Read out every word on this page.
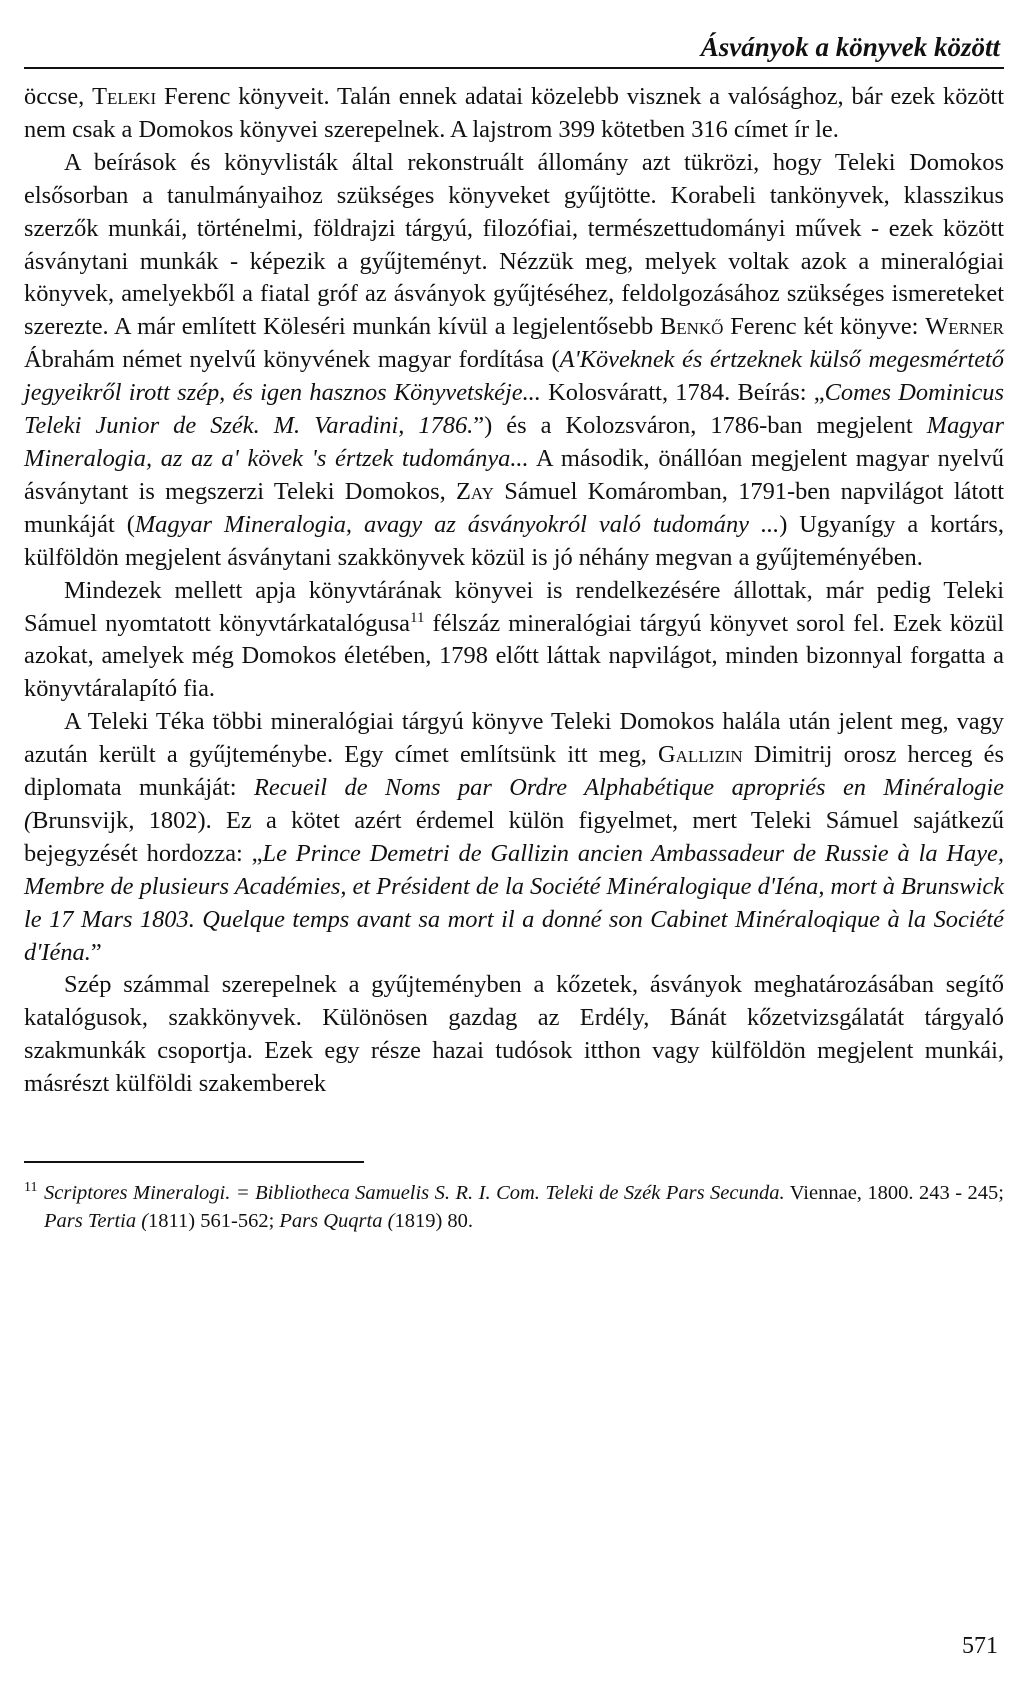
Ásványok a könyvek között

öccse, Teleki Ferenc könyveit. Talán ennek adatai közelebb visznek a valósághoz, bár ezek között nem csak a Domokos könyvei szerepelnek. A lajstrom 399 kötetben 316 címet ír le.

A beírások és könyvlisták által rekonstruált állomány azt tükrözi, hogy Teleki Domokos elsősorban a tanulmányaihoz szükséges könyveket gyűjtötte. Korabeli tankönyvek, klasszikus szerzők munkái, történelmi, földrajzi tárgyú, filozófiai, természettudományi művek - ezek között ásványtani munkák - képezik a gyűjteményt. Nézzük meg, melyek voltak azok a mineralógiai könyvek, amelyekből a fiatal gróf az ásványok gyűjtéséhez, feldolgozásához szükséges ismereteket szerezte. A már említett Köleséri munkán kívül a legjelentősebb Benkő Ferenc két könyve: Werner Ábrahám német nyelvű könyvének magyar fordítása (A'Köveknek és értzeknek külső megesmértető jegyeikről irott szép, és igen hasznos Könyvetskéje... Kolosváratt, 1784. Beírás: „Comes Dominicus Teleki Junior de Szék. M. Varadini, 1786.”) és a Kolozsváron, 1786-ban megjelent Magyar Mineralogia, az az a' kövek 's értzek tudománya... A második, önállóan megjelent magyar nyelvű ásványtant is megszerzi Teleki Domokos, Zay Sámuel Komáromban, 1791-ben napvilágot látott munkáját (Magyar Mineralogia, avagy az ásványokról való tudomány ...) Ugyanígy a kortárs, külföldön megjelent ásványtani szakkönyvek közül is jó néhány megvan a gyűjteményében.

Mindezek mellett apja könyvtárának könyvei is rendelkezésére állottak, már pedig Teleki Sámuel nyomtatott könyvtárkatalógusa$^{11}$ félszáz mineralógiai tárgyú könyvet sorol fel. Ezek közül azokat, amelyek még Domokos életében, 1798 előtt láttak napvilágot, minden bizonnyal forgatta a könyvtáralapító fia.

A Teleki Téka többi mineralógiai tárgyú könyve Teleki Domokos halála után jelent meg, vagy azután került a gyűjteménybe. Egy címet említsünk itt meg, Gallizin Dimitrij orosz herceg és diplomata munkáját: Recueil de Noms par Ordre Alphabétique aproprіés en Minéralogie (Brunsvijk, 1802). Ez a kötet azért érdemel külön figyelmet, mert Teleki Sámuel sajátkezű bejegyzését hordozza: „Le Prince Demetri de Gallizin ancien Ambassadeur de Russie à la Haye, Membre de plusieurs Académies, et Président de la Société Minéralogique d'Iéna, mort à Brunswick le 17 Mars 1803. Quelque temps avant sa mort il a donné son Cabinet Minéraloqique à la Société d'Iéna.”

Szép számmal szerepelnek a gyűjteményben a kőzetek, ásványok meghatározásában segítő katalógusok, szakkönyvek. Különösen gazdag az Erdély, Bánát kőzetvizsgálatát tárgyaló szakmunkák csoportja. Ezek egy része hazai tudósok itthon vagy külföldön megjelent munkái, másrészt külföldi szakemberek

11 Scriptores Mineralogi. = Bibliotheca Samuelis S. R. I. Com. Teleki de Szék Pars Secunda. Viennae, 1800. 243 - 245; Pars Tertia (1811) 561-562; Pars Quqrta (1819) 80.
571
